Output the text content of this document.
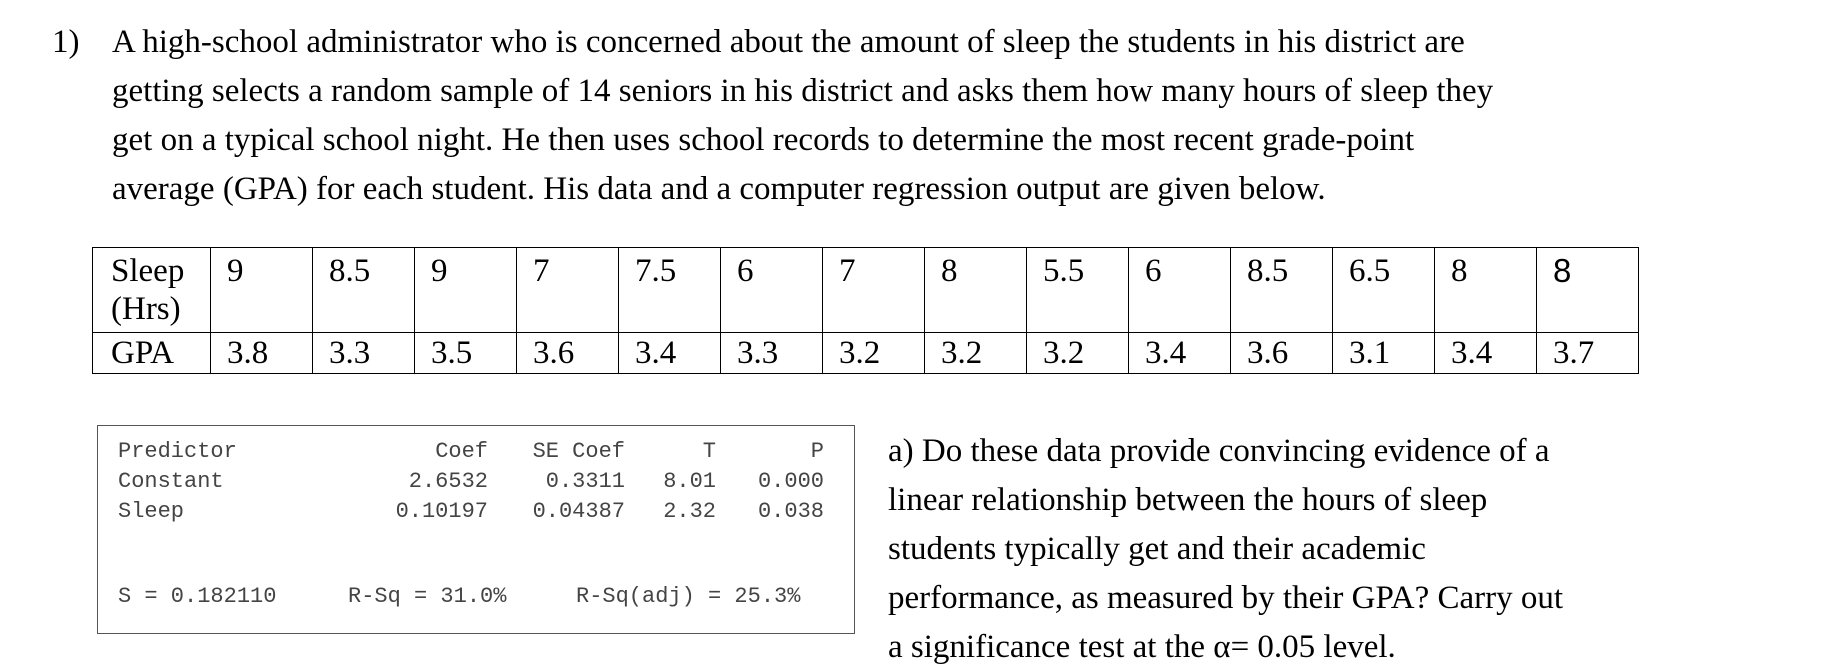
1) A high-school administrator who is concerned about the amount of sleep the students in his district are
getting selects a random sample of 14 seniors in his district and asks them how many hours of sleep they
get on a typical school night. He then uses school records to determine the most recent grade-point
average (GPA) for each student. His data and a computer regression output are given below.
Sleep
(Hrs)	9	8.5	9	7	7.5	6	7	8	5.5	6	8.5	6.5	8	8
GPA	3.8	3.3	3.5	3.6	3.4	3.3	3.2	3.2	3.2	3.4	3.6	3.1	3.4	3.7
Predictor	Coef	SE Coef	T	P
Constant	2.6532	0.3311	8.01	0.000
Sleep	0.10197	0.04387	2.32	0.038
S = 0.182110	R-Sq = 31.0%	R-Sq(adj) = 25.3%
a) Do these data provide convincing evidence of a
linear relationship between the hours of sleep
students typically get and their academic
performance, as measured by their GPA? Carry out
a significance test at the α= 0.05 level.
